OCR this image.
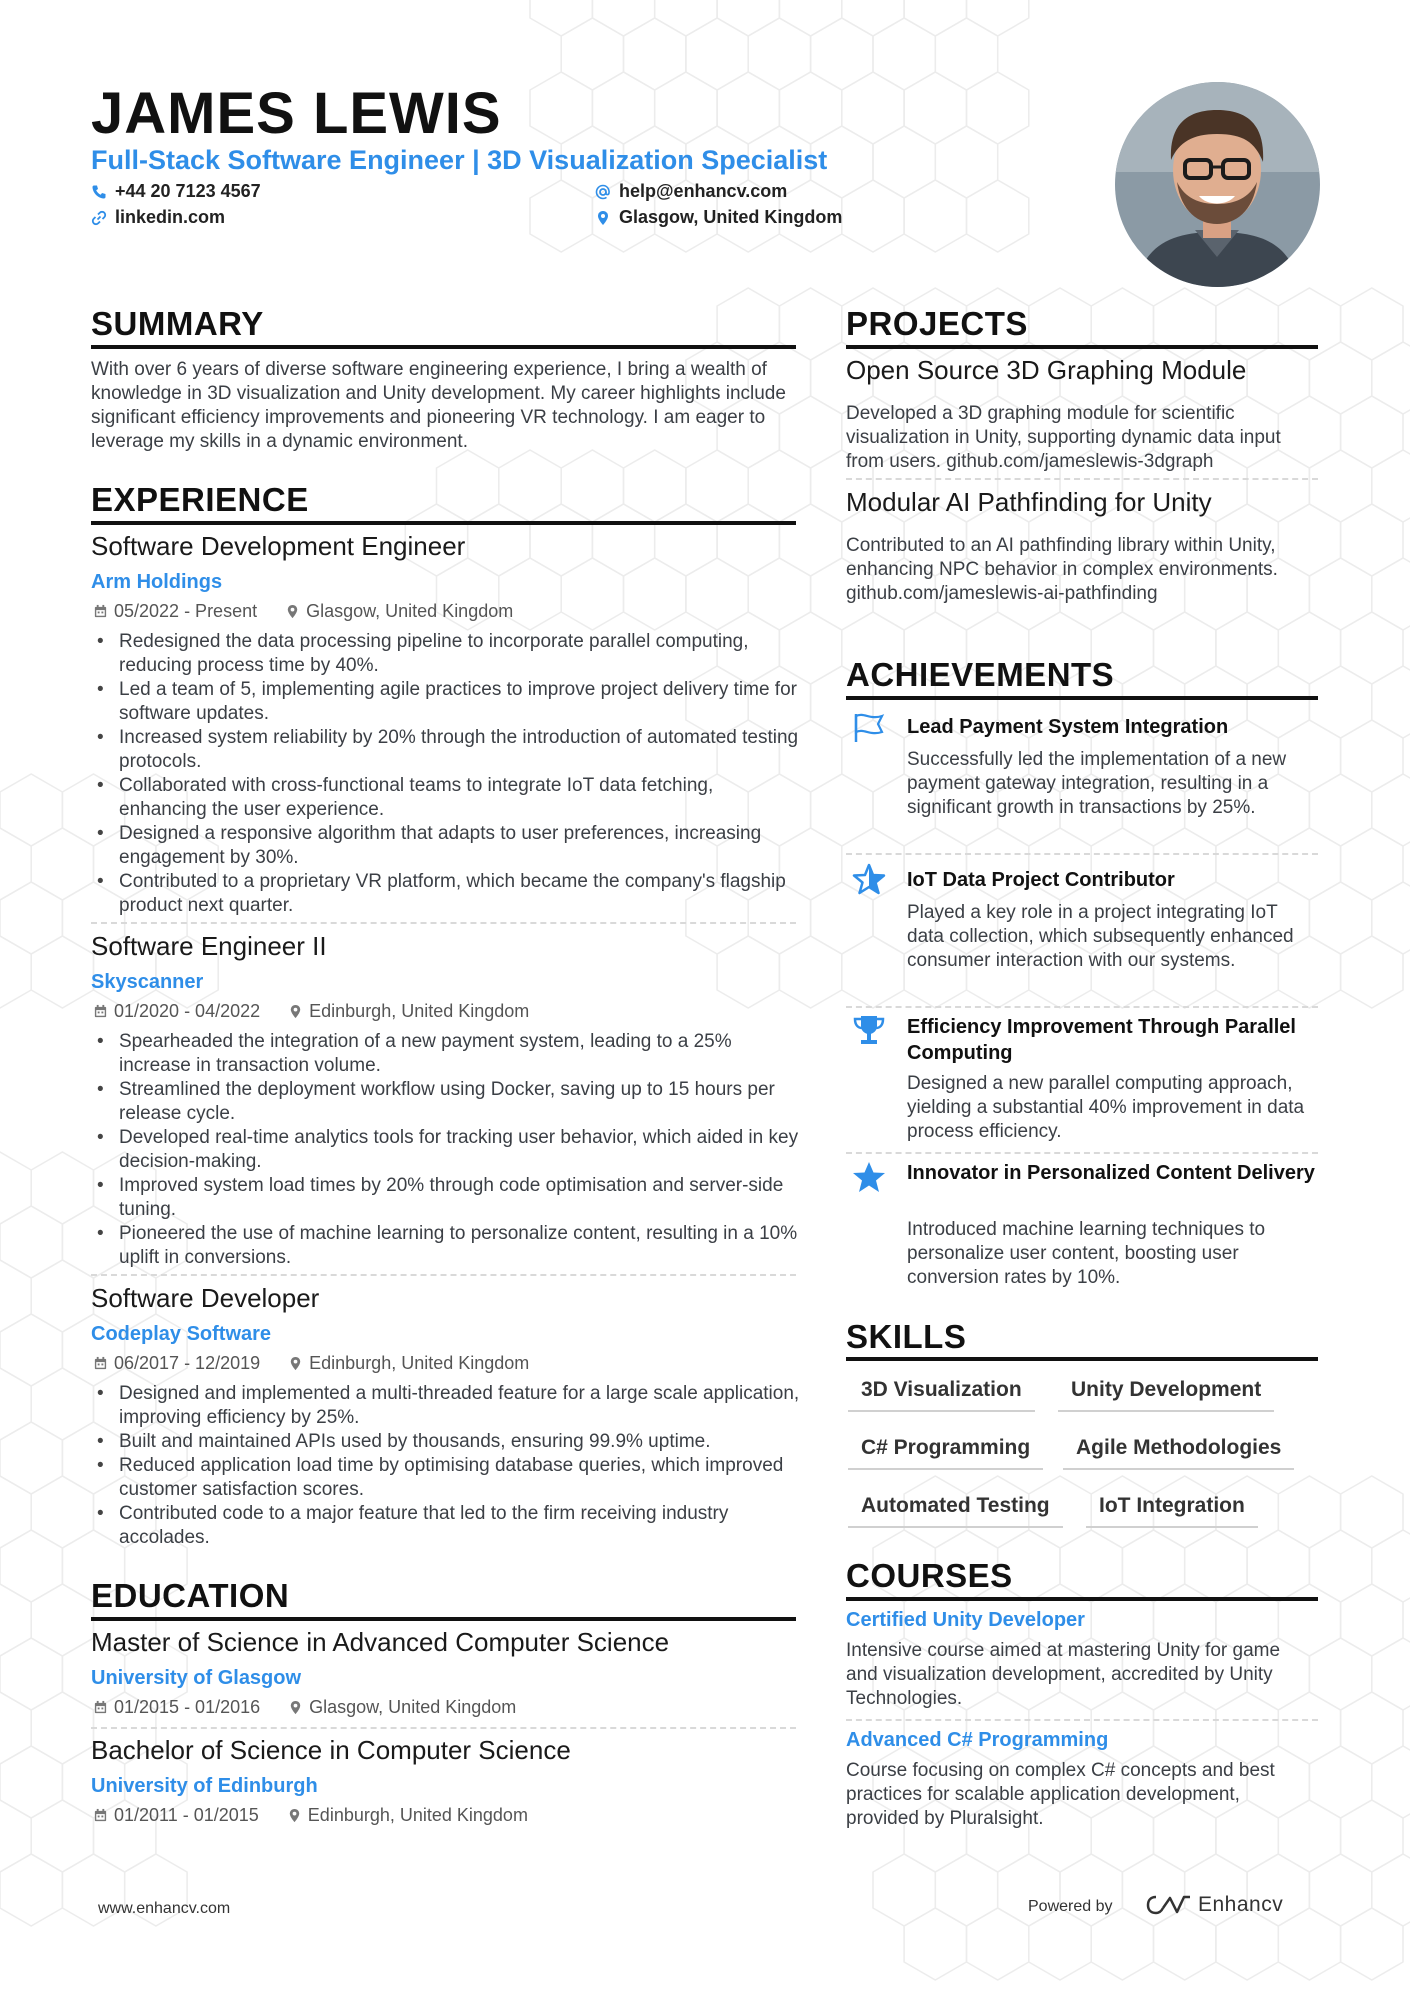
JAMES LEWIS
Full-Stack Software Engineer | 3D Visualization Specialist
+44 20 7123 4567	help@enhancv.com
linkedin.com	Glasgow, United Kingdom
SUMMARY
With over 6 years of diverse software engineering experience, I bring a wealth of knowledge in 3D visualization and Unity development. My career highlights include significant efficiency improvements and pioneering VR technology. I am eager to leverage my skills in a dynamic environment.
EXPERIENCE
Software Development Engineer
Arm Holdings
05/2022 - Present	Glasgow, United Kingdom
• Redesigned the data processing pipeline to incorporate parallel computing, reducing process time by 40%.
• Led a team of 5, implementing agile practices to improve project delivery time for software updates.
• Increased system reliability by 20% through the introduction of automated testing protocols.
• Collaborated with cross-functional teams to integrate IoT data fetching, enhancing the user experience.
• Designed a responsive algorithm that adapts to user preferences, increasing engagement by 30%.
• Contributed to a proprietary VR platform, which became the company's flagship product next quarter.
Software Engineer II
Skyscanner
01/2020 - 04/2022	Edinburgh, United Kingdom
• Spearheaded the integration of a new payment system, leading to a 25% increase in transaction volume.
• Streamlined the deployment workflow using Docker, saving up to 15 hours per release cycle.
• Developed real-time analytics tools for tracking user behavior, which aided in key decision-making.
• Improved system load times by 20% through code optimisation and server-side tuning.
• Pioneered the use of machine learning to personalize content, resulting in a 10% uplift in conversions.
Software Developer
Codeplay Software
06/2017 - 12/2019	Edinburgh, United Kingdom
• Designed and implemented a multi-threaded feature for a large scale application, improving efficiency by 25%.
• Built and maintained APIs used by thousands, ensuring 99.9% uptime.
• Reduced application load time by optimising database queries, which improved customer satisfaction scores.
• Contributed code to a major feature that led to the firm receiving industry accolades.
EDUCATION
Master of Science in Advanced Computer Science
University of Glasgow
01/2015 - 01/2016	Glasgow, United Kingdom
Bachelor of Science in Computer Science
University of Edinburgh
01/2011 - 01/2015	Edinburgh, United Kingdom
PROJECTS
Open Source 3D Graphing Module
Developed a 3D graphing module for scientific visualization in Unity, supporting dynamic data input from users. github.com/jameslewis-3dgraph
Modular AI Pathfinding for Unity
Contributed to an AI pathfinding library within Unity, enhancing NPC behavior in complex environments. github.com/jameslewis-ai-pathfinding
ACHIEVEMENTS
Lead Payment System Integration
Successfully led the implementation of a new payment gateway integration, resulting in a significant growth in transactions by 25%.
IoT Data Project Contributor
Played a key role in a project integrating IoT data collection, which subsequently enhanced consumer interaction with our systems.
Efficiency Improvement Through Parallel Computing
Designed a new parallel computing approach, yielding a substantial 40% improvement in data process efficiency.
Innovator in Personalized Content Delivery
Introduced machine learning techniques to personalize user content, boosting user conversion rates by 10%.
SKILLS
3D Visualization	Unity Development
C# Programming	Agile Methodologies
Automated Testing	IoT Integration
COURSES
Certified Unity Developer
Intensive course aimed at mastering Unity for game and visualization development, accredited by Unity Technologies.
Advanced C# Programming
Course focusing on complex C# concepts and best practices for scalable application development, provided by Pluralsight.
www.enhancv.com	Powered by	Enhancv
